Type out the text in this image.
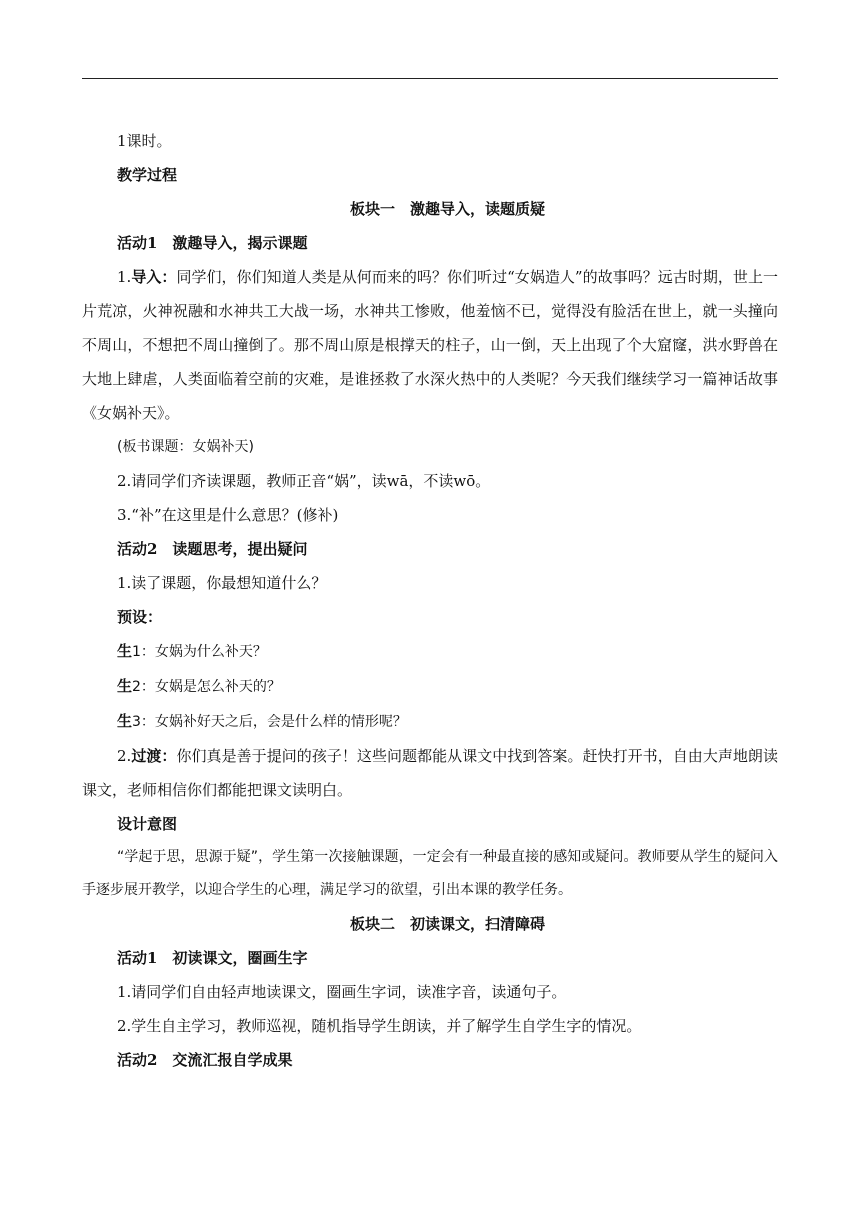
1课时。

教学过程

板块一　激趣导入，读题质疑

活动1　激趣导入，揭示课题

1.导入：同学们，你们知道人类是从何而来的吗？你们听过“女娲造人”的故事吗？远古时期，世上一片荒凉，火神祝融和水神共工大战一场，水神共工惨败，他羞恼不已，觉得没有脸活在世上，就一头撞向不周山，不想把不周山撞倒了。那不周山原是根撑天的柱子，山一倒，天上出现了个大窟窿，洪水野兽在大地上肆虐，人类面临着空前的灾难，是谁拯救了水深火热中的人类呢？今天我们继续学习一篇神话故事《女娲补天》。

(板书课题：女娲补天)

2.请同学们齐读课题，教师正音“娲”，读wā，不读wō。

3.“补”在这里是什么意思？(修补)

活动2　读题思考，提出疑问

1.读了课题，你最想知道什么？

预设：

生1：女娲为什么补天？

生2：女娲是怎么补天的？

生3：女娲补好天之后，会是什么样的情形呢？

2.过渡：你们真是善于提问的孩子！这些问题都能从课文中找到答案。赶快打开书，自由大声地朗读课文，老师相信你们都能把课文读明白。

设计意图

“学起于思，思源于疑”，学生第一次接触课题，一定会有一种最直接的感知或疑问。教师要从学生的疑问入手逐步展开教学，以迎合学生的心理，满足学习的欲望，引出本课的教学任务。

板块二　初读课文，扫清障碍

活动1　初读课文，圈画生字

1.请同学们自由轻声地读课文，圈画生字词，读准字音，读通句子。

2.学生自主学习，教师巡视，随机指导学生朗读，并了解学生自学生字的情况。

活动2　交流汇报自学成果
